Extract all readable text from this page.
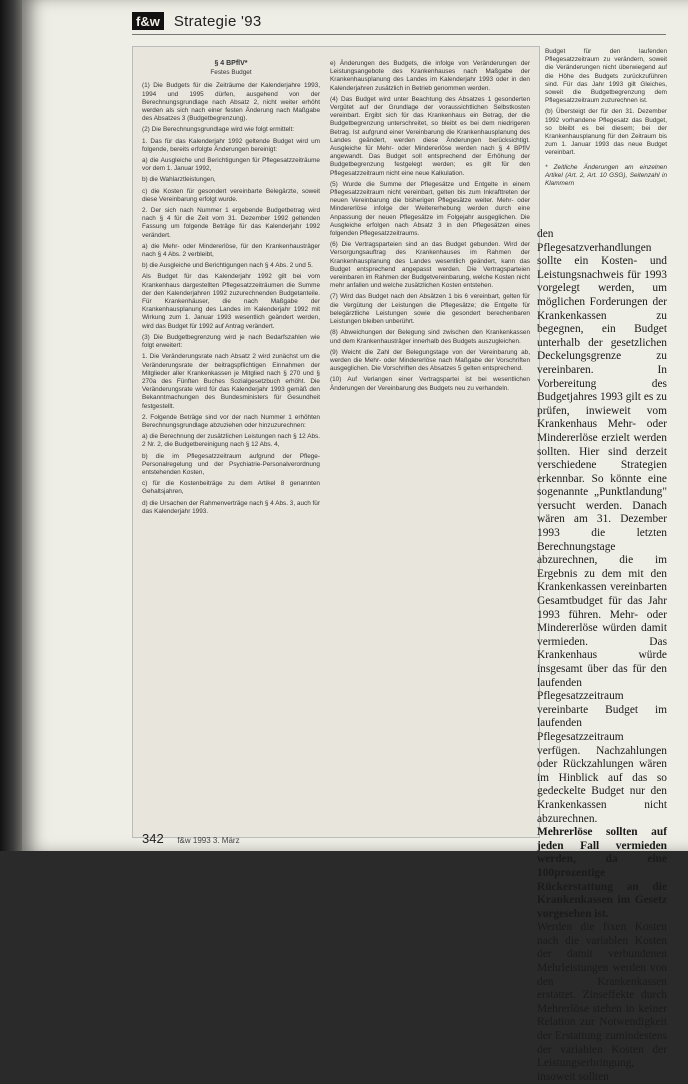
f&w Strategie '93
§ 4 BPflV*
Festes Budget

(1) Die Budgets für die Zeiträume der Kalenderjahre 1993, 1994 und 1995 dürfen, ausgehend von der Berechnungsgrundlage nach Absatz 2, nicht weiter erhöht werden als sich nach einer festen Änderung nach Maßgabe des Absatzes 3 (Budgetbegrenzung).

(2) Die Berechnungsgrundlage wird wie folgt ermittelt:

1. Das für das Kalenderjahr 1992 geltende Budget wird um folgende, bereits erfolgte Änderungen bereinigt:

a) die Ausgleiche und Berichtigungen für Pflegesatzzeiträume vor dem 1. Januar 1992,

b) die Wahlarztleistungen,

c) die Kosten für gesondert vereinbarte Belegärzte, soweit diese Vereinbarung erfolgt wurde.

2. Der sich nach Nummer 1 ergebende Budgetbetrag wird nach § 4 für die Zeit vom 31. Dezember 1992 geltenden Fassung um folgende Beträge für das Kalenderjahr 1992 verändert.

a) die Mehr- oder Mindererlöse, für den Krankenhausträger nach § 4 Abs. 2 verbleibt,

b) die Ausgleiche und Berichtigungen nach § 4 Abs. 2 und 5.

Als Budget für das Kalenderjahr 1992 gilt bei vom Krankenhaus dargestellten Pflegesatzzeiträumen die Summe der den Kalenderjahren 1992 zuzurechnenden Budgetanteile. Für Krankenhäuser, die nach Maßgabe der Krankenhausplanung des Landes im Kalenderjahr 1992 mit Wirkung zum 1. Januar 1993 wesentlich geändert werden, wird das Budget für 1992 auf Antrag verändert.

(3) Die Budgetbegrenzung wird je nach Bedarfszahlen wie folgt erweitert:

1. Die Veränderungsrate nach Absatz 2 wird zunächst um die Veränderungsrate der beitragspflichtigen Einnahmen der Mitglieder aller Krankenkassen je Mitglied nach § 270 und § 270a des Fünften Buches Sozialgesetzbuch erhöht. Die Veränderungsrate wird für das Kalenderjahr 1993 gemäß den Bekanntmachungen des Bundesministers für Gesundheit festgestellt.

2. Folgende Beträge sind vor der nach Nummer 1 erhöhten Berechnungsgrundlage abzuziehen oder hinzuzurechnen:

a) die Berechnung der zusätzlichen Leistungen nach § 12 Abs. 2 Nr. 2, die Budgetbereinigung nach § 12 Abs. 4,

b) die im Pflegesatzzeitraum aufgrund der Pflege-Personalregelung und der Psychiatrie-Personalverordnung entstehenden Kosten,

c) für die Kostenbeiträge zu dem Artikel 8 genannten Gehaltsjahren,

d) die Ursachen der Rahmenverträge nach § 4 Abs. 3, auch für das Kalenderjahr 1993.

e) Änderungen des Budgets, die infolge von Veränderungen der Leistungsangebote des Krankenhauses nach Maßgabe der Krankenhausplanung des Landes im Kalenderjahr 1993 oder in den Kalenderjahren zusätzlich in Betrieb genommen werden.

(4) Das Budget wird unter Beachtung des Absatzes 1 gesonderten Vergütet auf der Grundlage der voraussichtlichen Selbstkosten vereinbart. Ergibt sich für das Krankenhaus ein Betrag, der die Budgetbegrenzung unterschreitet, so bleibt es bei dem niedrigeren Betrag. Ist aufgrund einer Vereinbarung die Krankenhausplanung des Landes geändert, werden diese Änderungen berücksichtigt. Ausgleiche für Mehr- oder Mindererlöse werden nach § 4 BPflV angewandt. Das Budget soll entsprechend der Erhöhung der Budgetbegrenzung festgelegt werden; es gilt für den Pflegesatzzeitraum nicht eine neue Kalkulation.

(5) Wurde die Summe der Pflegesätze und Entgelte in einem Pflegesatzzeitraum nicht vereinbart, gelten bis zum Inkrafttreten der neuen Vereinbarung die bisherigen Pflegesätze weiter. Mehr- oder Mindererlöse infolge der Weitererhebung werden durch eine Anpassung der neuen Pflegesätze im Folgejahr ausgeglichen. Die Ausgleiche erfolgen nach Absatz 3 in den Pflegesätzen eines folgenden Pflegesatzzeitraums.

(6) Die Vertragsparteien sind an das Budget gebunden. Wird der Versorgungsauftrag des Krankenhauses im Rahmen der Krankenhausplanung des Landes wesentlich geändert, kann das Budget entsprechend angepasst werden. Die Vertragsparteien vereinbaren im Rahmen der Budgetvereinbarung, welche Kosten nicht mehr anfallen und welche zusätzlichen Kosten entstehen.

(7) Wird das Budget nach den Absätzen 1 bis 6 vereinbart, gelten für die Vergütung der Leistungen die Pflegesätze; die Entgelte für belegärztliche Leistungen sowie die gesondert berechenbaren Leistungen bleiben unberührt.

(8) Abweichungen der Belegung sind zwischen den Krankenkassen und dem Krankenhausträger innerhalb des Budgets auszugleichen.

(9) Weicht die Zahl der Belegungstage von der Vereinbarung ab, werden die Mehr- oder Mindererlöse nach Maßgabe der Vorschriften ausgeglichen. Die Vorschriften des Absatzes 5 gelten entsprechend.

(10) Auf Verlangen einer Vertragspartei ist bei wesentlichen Änderungen der Vereinbarung des Budgets neu zu verhandeln.

Budget für den laufenden Pflegesatzzeitraum zu verändern, soweit die Veränderungen nicht überwiegend auf die Höhe des Budgets zurückzuführen sind. Für das Jahr 1993 gilt Gleiches, soweit die Budgetbegrenzung dem Pflegesatzzeitraum zuzurechnen ist.

(b) Übersteigt der für den 31. Dezember 1992 vorhandene Pflegesatz das Budget, so bleibt es bei diesem; bei der Krankenhausplanung für den Zeitraum bis zum 1. Januar 1993 das neue Budget vereinbart.

* Zeitliche Änderungen am einzelnen Artikel (Art. 2, Art. 10 GSG), Seitenzahl in Klammern

den Pflegesatzverhandlungen sollte ein Kosten- und Leistungsnachweis für 1993 vorgelegt werden, um möglichen Forderungen der Krankenkassen zu begegnen, ein Budget unterhalb der gesetzlichen Deckelungsgrenze zu vereinbaren. In Vorbereitung des Budgetjahres 1993 gilt es zu prüfen, inwieweit vom Krankenhaus Mehr- oder Mindererlöse erzielt werden sollten. Hier sind derzeit verschiedene Strategien erkennbar. So könnte eine sogenannte „Punktlandung" versucht werden. Danach wären am 31. Dezember 1993 die letzten Berechnungstage abzurechnen, die im Ergebnis zu dem mit den Krankenkassen vereinbarten Gesamtbudget für das Jahr 1993 führen. Mehr- oder Mindererlöse würden damit vermieden. Das Krankenhaus würde insgesamt über das für den laufenden Pflegesatzzeitraum vereinbarte Budget im laufenden Pflegesatzzeitraum verfügen. Nachzahlungen oder Rückzahlungen wären im Hinblick auf das so gedeckelte Budget nur den Krankenkassen nicht abzurechnen.

Mehrerlöse sollten auf jeden Fall vermieden werden, da eine 100prozentige Rückerstattung an die Krankenkassen im Gesetz vorgesehen ist.

Werden die fixen Kosten nach die variablen Kosten der damit verbundenen Mehrleistungen werden von den Krankenkassen erstattet. Zinseffekte durch Mehrerlöse stehen in keiner Relation zur Notwendigkeit der Erstattung zumindestens der variablen Kosten der Leistungserbringung, insoweit sollten

342 f&w 1993 3. März
